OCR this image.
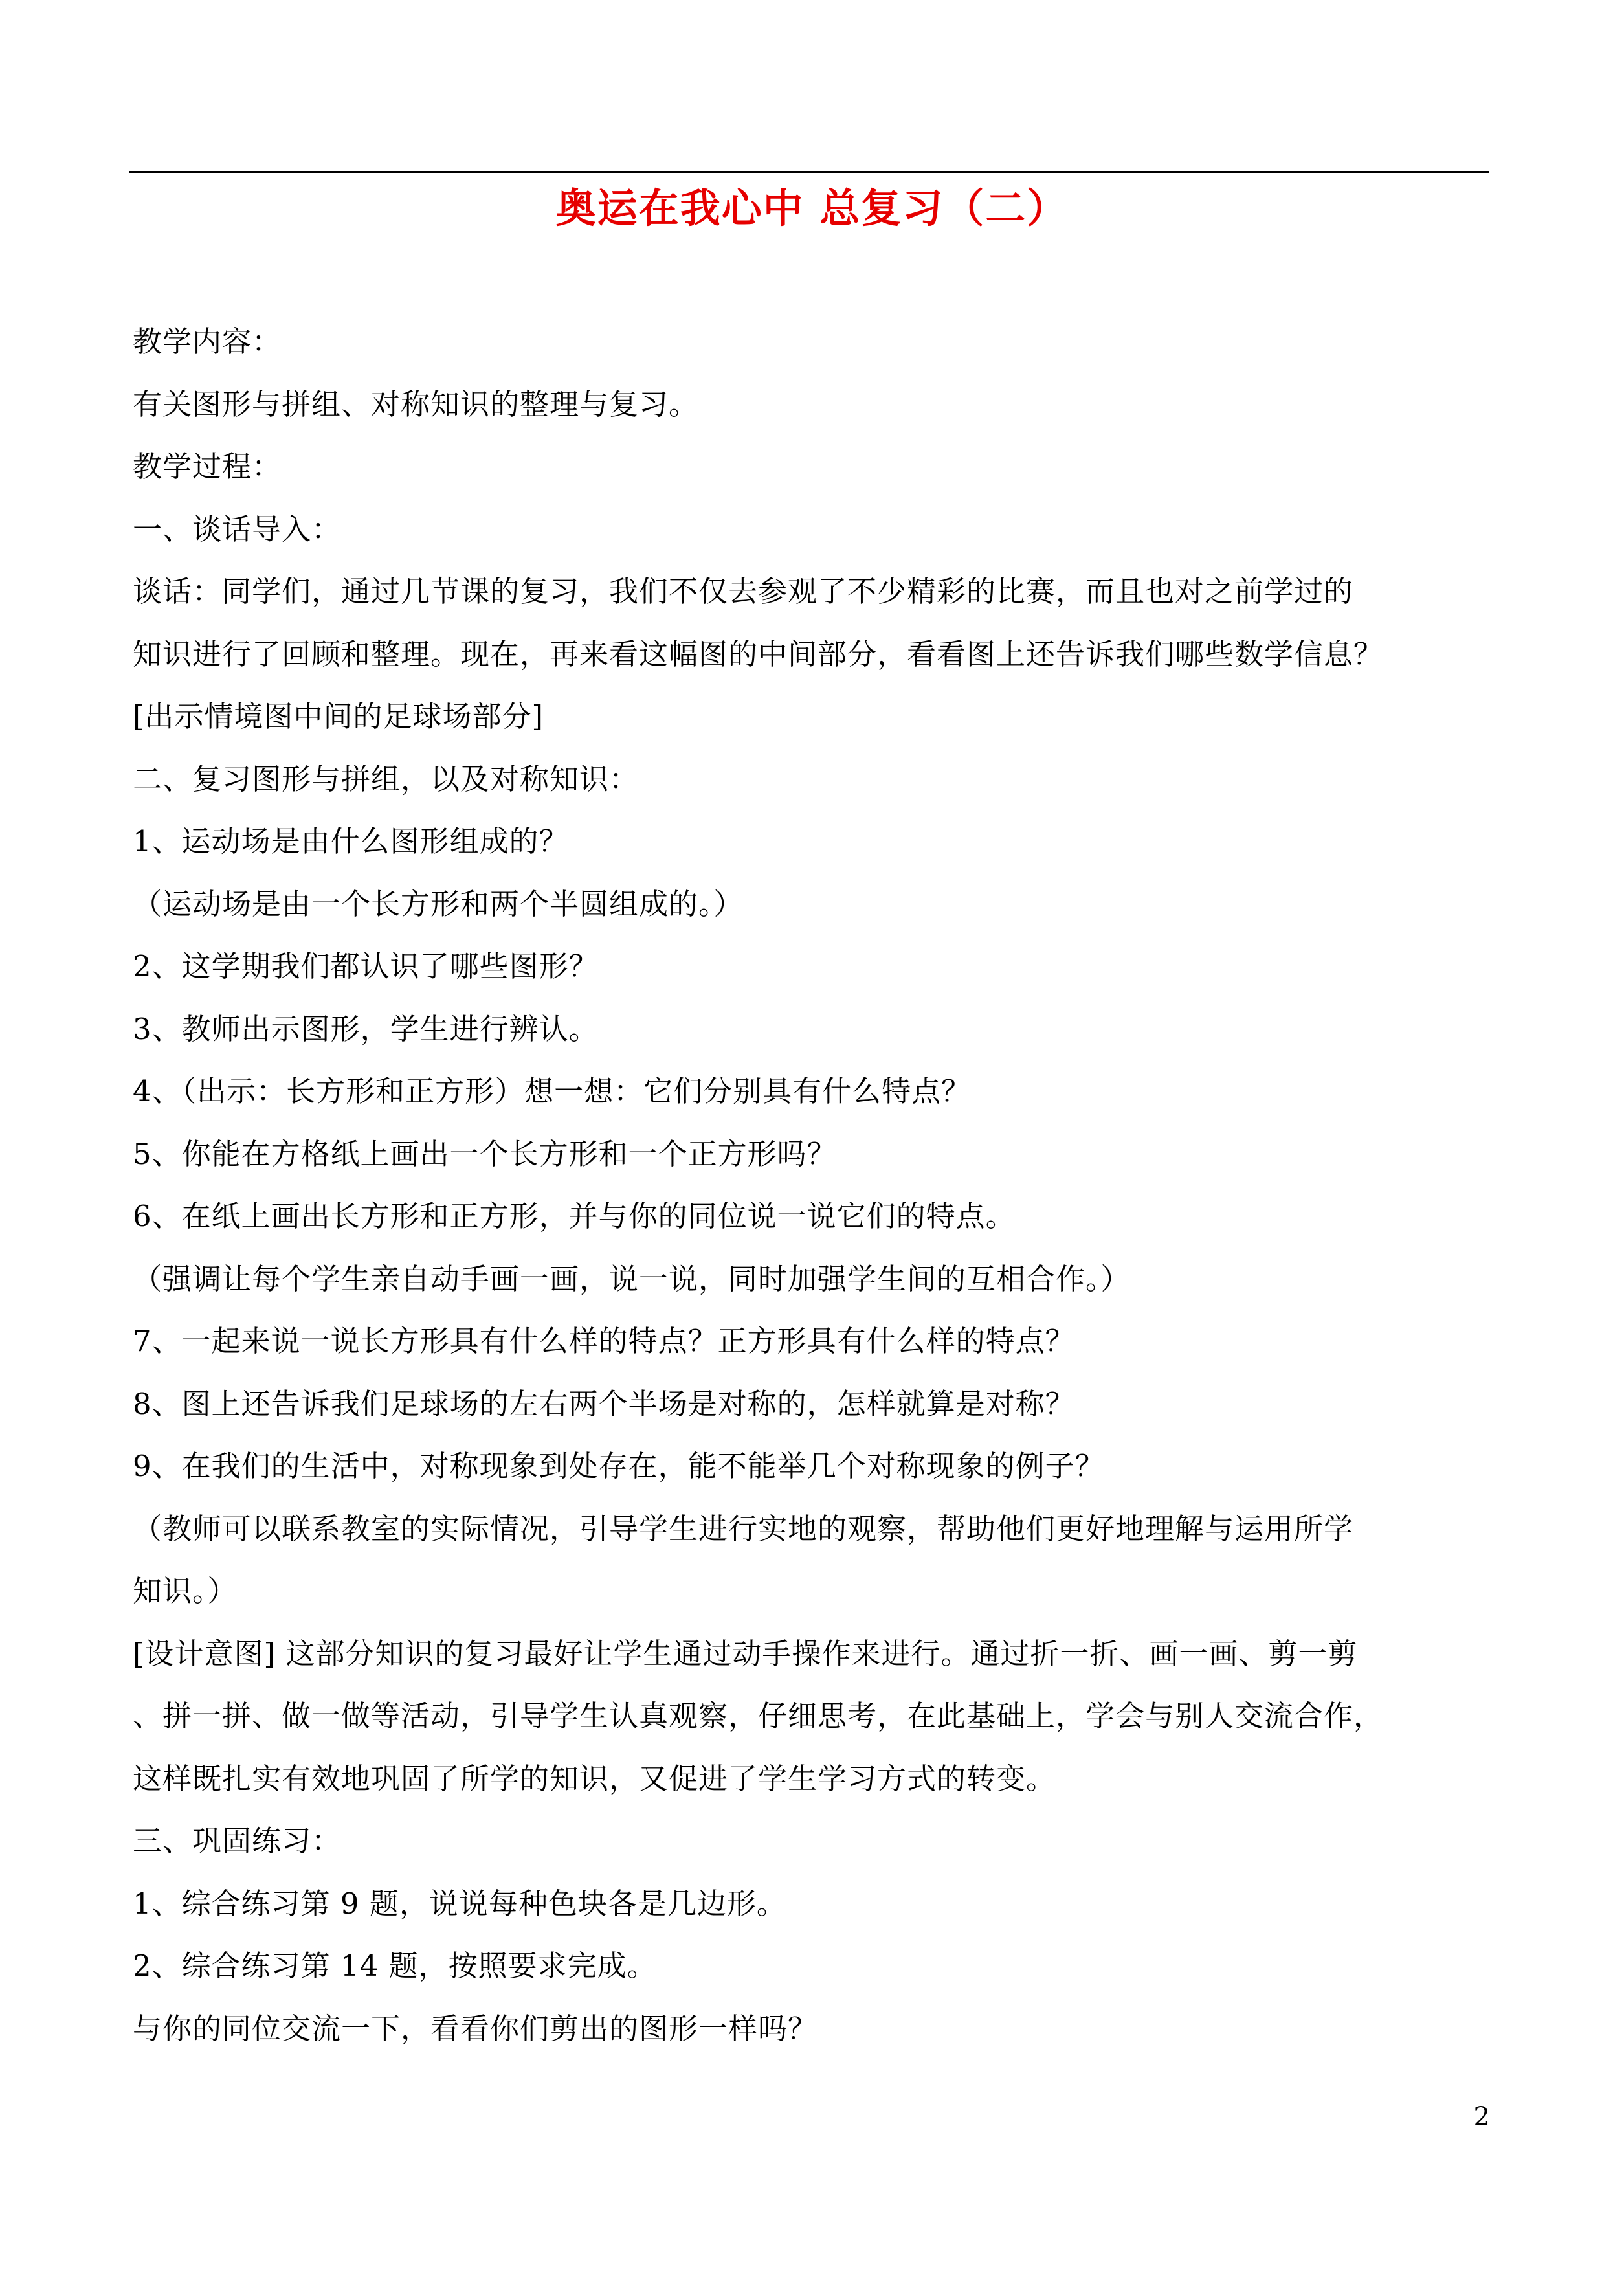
奥运在我心中 总复习（二）
教学内容：
有关图形与拼组、对称知识的整理与复习。
教学过程：
一、谈话导入：
谈话：同学们，通过几节课的复习，我们不仅去参观了不少精彩的比赛，而且也对之前学过的
知识进行了回顾和整理。现在，再来看这幅图的中间部分，看看图上还告诉我们哪些数学信息？
[出示情境图中间的足球场部分]
二、复习图形与拼组，以及对称知识：
1、运动场是由什么图形组成的？
（运动场是由一个长方形和两个半圆组成的。）
2、这学期我们都认识了哪些图形？
3、教师出示图形，学生进行辨认。
4、（出示：长方形和正方形）想一想：它们分别具有什么特点？
5、你能在方格纸上画出一个长方形和一个正方形吗？
6、在纸上画出长方形和正方形，并与你的同位说一说它们的特点。
（强调让每个学生亲自动手画一画，说一说，同时加强学生间的互相合作。）
7、一起来说一说长方形具有什么样的特点？正方形具有什么样的特点？
8、图上还告诉我们足球场的左右两个半场是对称的，怎样就算是对称？
9、在我们的生活中，对称现象到处存在，能不能举几个对称现象的例子？
（教师可以联系教室的实际情况，引导学生进行实地的观察，帮助他们更好地理解与运用所学
知识。）
[设计意图] 这部分知识的复习最好让学生通过动手操作来进行。通过折一折、画一画、剪一剪
、拼一拼、做一做等活动，引导学生认真观察，仔细思考，在此基础上，学会与别人交流合作，
这样既扎实有效地巩固了所学的知识，又促进了学生学习方式的转变。
三、巩固练习：
1、综合练习第 9 题，说说每种色块各是几边形。
2、综合练习第 14 题，按照要求完成。
与你的同位交流一下，看看你们剪出的图形一样吗？
2
